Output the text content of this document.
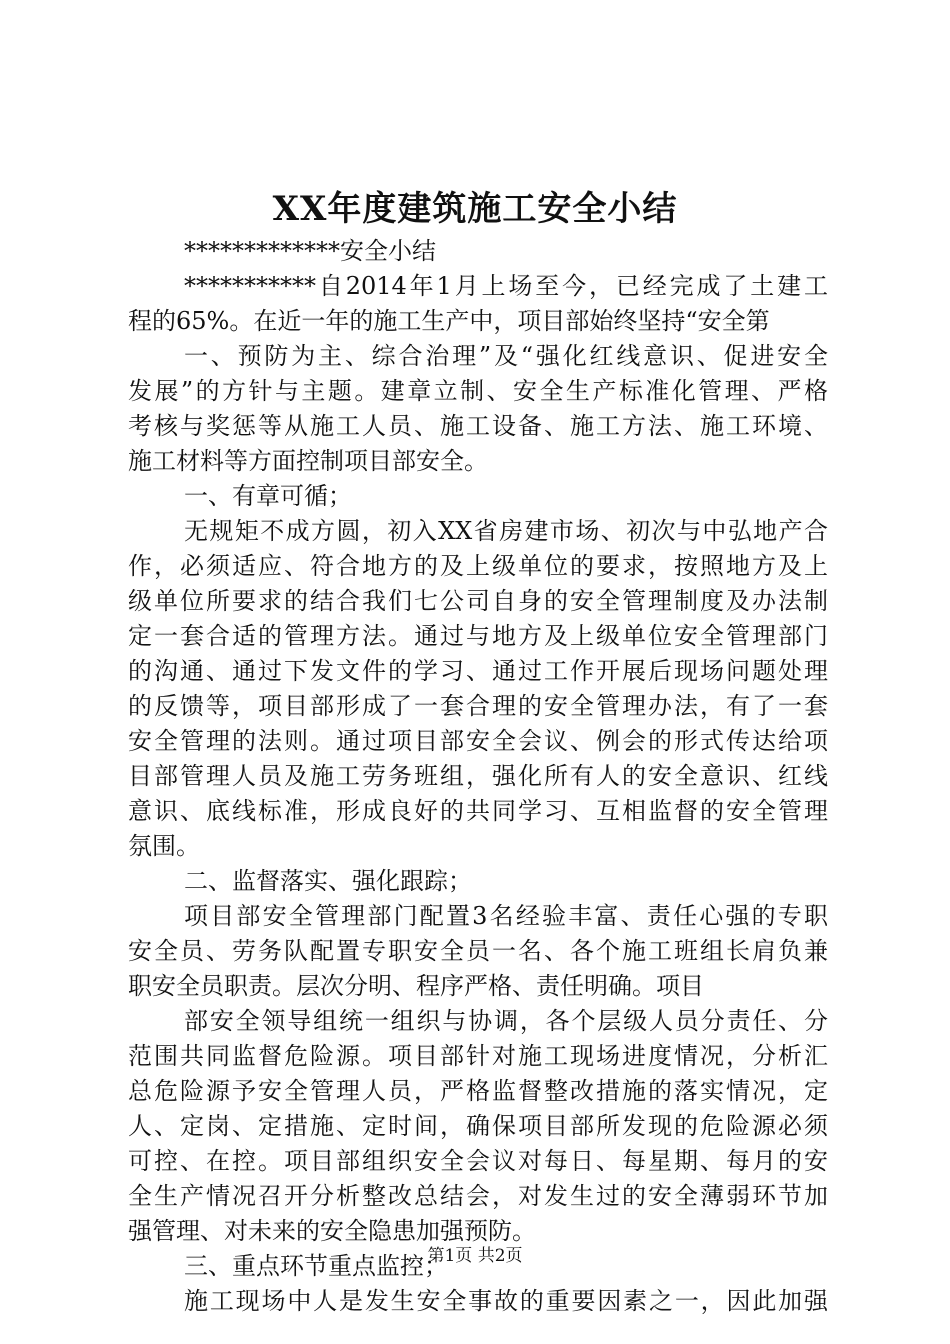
XX年度建筑施工安全小结
*************安全小结
***********自2014年1月上场至今，已经完成了土建工
程的65%。在近一年的施工生产中，项目部始终坚持“安全第
一、预防为主、综合治理”及“强化红线意识、促进安全
发展”的方针与主题。建章立制、安全生产标准化管理、严格
考核与奖惩等从施工人员、施工设备、施工方法、施工环境、
施工材料等方面控制项目部安全。
一、有章可循；
无规矩不成方圆，初入XX省房建市场、初次与中弘地产合
作，必须适应、符合地方的及上级单位的要求，按照地方及上
级单位所要求的结合我们七公司自身的安全管理制度及办法制
定一套合适的管理方法。通过与地方及上级单位安全管理部门
的沟通、通过下发文件的学习、通过工作开展后现场问题处理
的反馈等，项目部形成了一套合理的安全管理办法，有了一套
安全管理的法则。通过项目部安全会议、例会的形式传达给项
目部管理人员及施工劳务班组，强化所有人的安全意识、红线
意识、底线标准，形成良好的共同学习、互相监督的安全管理
氛围。
二、监督落实、强化跟踪；
项目部安全管理部门配置3名经验丰富、责任心强的专职
安全员、劳务队配置专职安全员一名、各个施工班组长肩负兼
职安全员职责。层次分明、程序严格、责任明确。项目
部安全领导组统一组织与协调，各个层级人员分责任、分
范围共同监督危险源。项目部针对施工现场进度情况，分析汇
总危险源予安全管理人员，严格监督整改措施的落实情况，定
人、定岗、定措施、定时间，确保项目部所发现的危险源必须
可控、在控。项目部组织安全会议对每日、每星期、每月的安
全生产情况召开分析整改总结会，对发生过的安全薄弱环节加
强管理、对未来的安全隐患加强预防。
三、重点环节重点监控；
施工现场中人是发生安全事故的重要因素之一，因此加强
第1页 共2页
